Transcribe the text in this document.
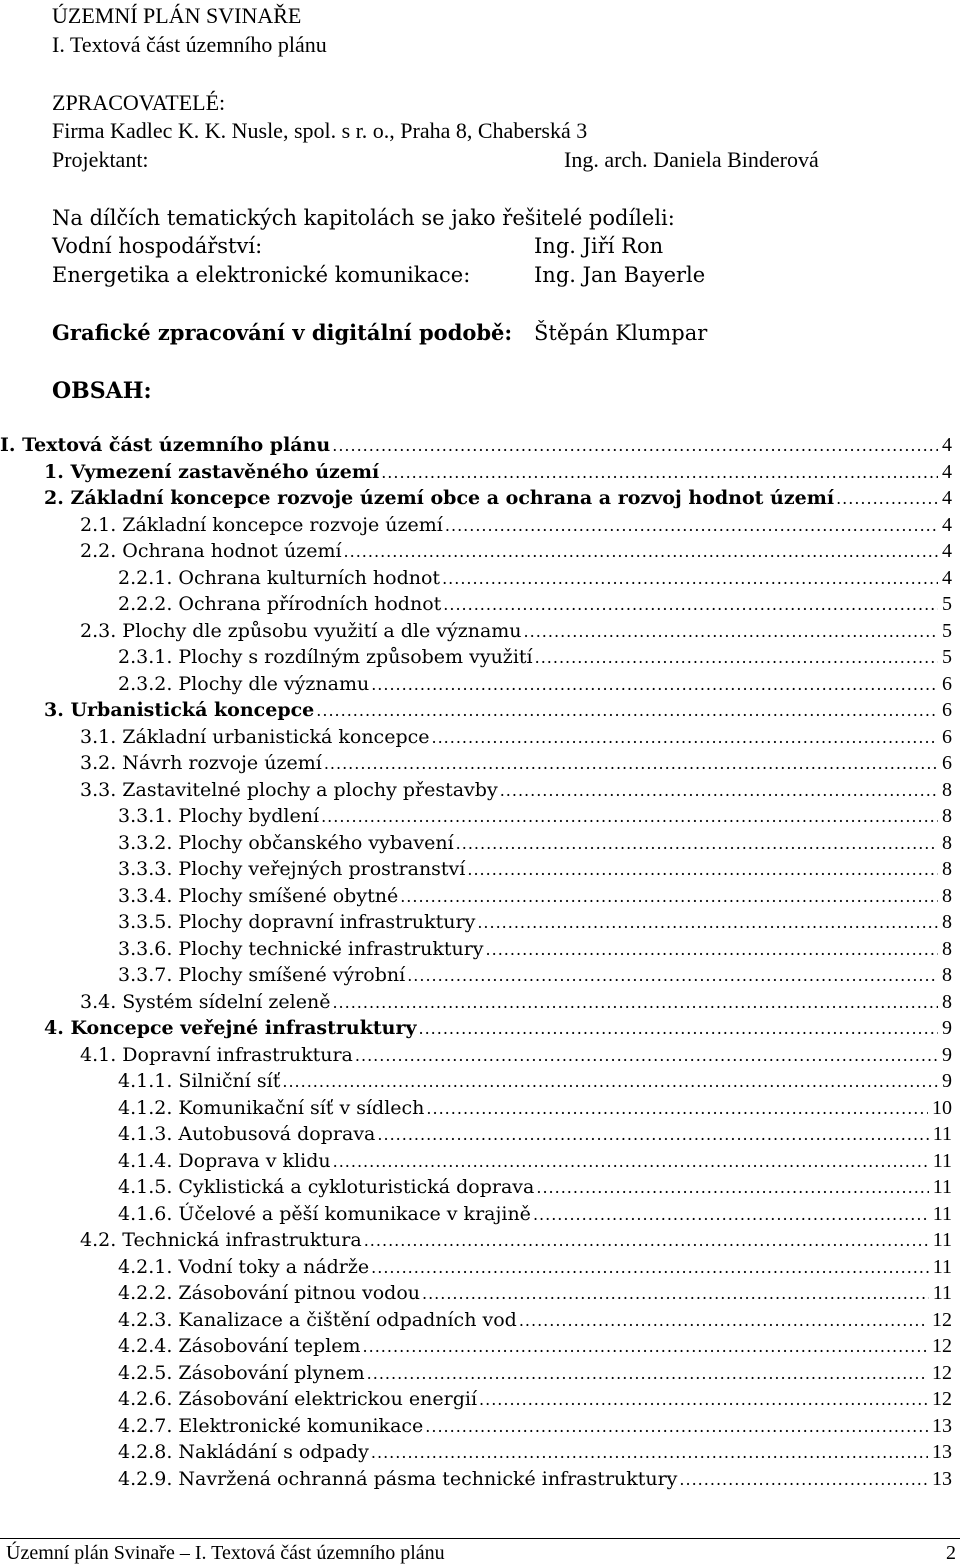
ÚZEMNÍ PLÁN SVINAŘE
I. Textová část územního plánu
ZPRACOVATELÉ:
Firma Kadlec K. K. Nusle, spol. s r. o., Praha 8, Chaberská 3
Projektant:	Ing. arch. Daniela Binderová
Na dílčích tematických kapitolách se jako řešitelé podíleli:
Vodní hospodářství:	Ing. Jiří Ron
Energetika a elektronické komunikace:	Ing. Jan Bayerle
Grafické zpracování v digitální podobě: Štěpán Klumpar
OBSAH:
I. Textová část územního plánu .....	4
1. Vymezení zastavěného území .....	4
2. Základní koncepce rozvoje území obce a ochrana a rozvoj hodnot území .....	4
2.1. Základní koncepce rozvoje území .....	4
2.2. Ochrana hodnot území .....	4
2.2.1. Ochrana kulturních hodnot .....	4
2.2.2. Ochrana přírodních hodnot .....	5
2.3. Plochy dle způsobu využití a dle významu .....	5
2.3.1. Plochy s rozdílným způsobem využití .....	5
2.3.2. Plochy dle významu .....	6
3. Urbanistická koncepce .....	6
3.1. Základní urbanistická koncepce .....	6
3.2. Návrh rozvoje území .....	6
3.3. Zastavitelné plochy a plochy přestavby .....	8
3.3.1. Plochy bydlení .....	8
3.3.2. Plochy občanského vybavení .....	8
3.3.3. Plochy veřejných prostranství .....	8
3.3.4. Plochy smíšené obytné .....	8
3.3.5. Plochy dopravní infrastruktury .....	8
3.3.6. Plochy technické infrastruktury .....	8
3.3.7. Plochy smíšené výrobní .....	8
3.4. Systém sídelní zeleně .....	8
4. Koncepce veřejné infrastruktury .....	9
4.1. Dopravní infrastruktura .....	9
4.1.1. Silniční síť .....	9
4.1.2. Komunikační síť v sídlech .....	10
4.1.3. Autobusová doprava .....	11
4.1.4. Doprava v klidu .....	11
4.1.5. Cyklistická a cykloturistická doprava .....	11
4.1.6. Účelové a pěší komunikace v krajině .....	11
4.2. Technická infrastruktura .....	11
4.2.1. Vodní toky a nádrže .....	11
4.2.2. Zásobování pitnou vodou .....	11
4.2.3. Kanalizace a čištění odpadních vod .....	12
4.2.4. Zásobování teplem .....	12
4.2.5. Zásobování plynem .....	12
4.2.6. Zásobování elektrickou energií .....	12
4.2.7. Elektronické komunikace .....	13
4.2.8. Nakládání s odpady .....	13
4.2.9. Navržená ochranná pásma technické infrastruktury .....	13
Územní plán Svinaře – I. Textová část územního plánu	2
